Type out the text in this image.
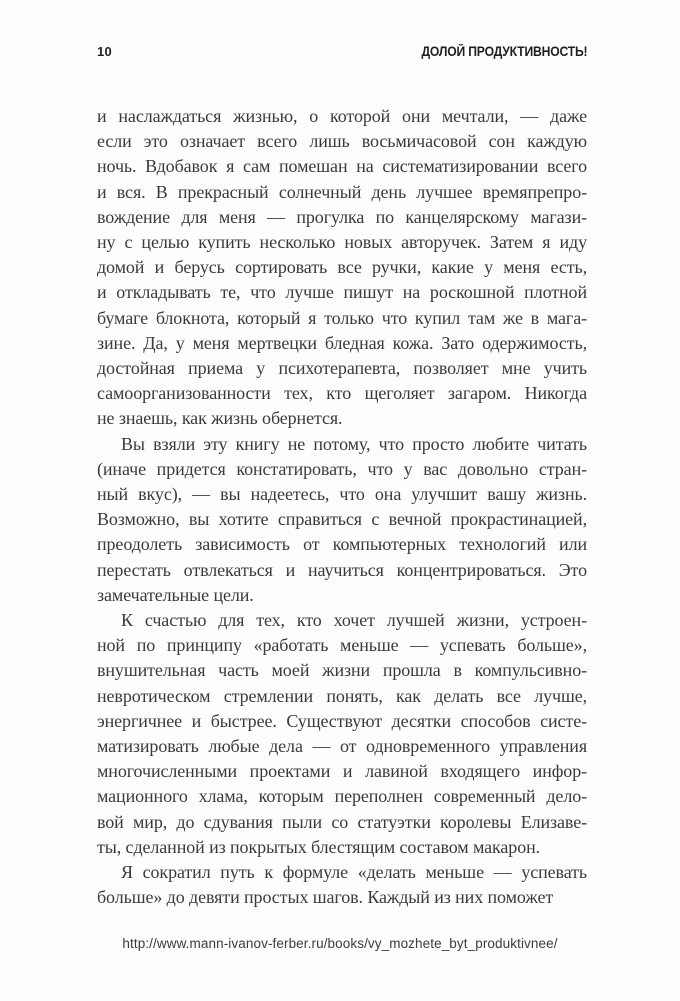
10	ДОЛОЙ ПРОДУКТИВНОСТЬ!
и наслаждаться жизнью, о которой они мечтали, — даже
если это означает всего лишь восьмичасовой сон каждую
ночь. Вдобавок я сам помешан на систематизировании всего
и вся. В прекрасный солнечный день лучшее времяпрепро-
вождение для меня — прогулка по канцелярскому магази-
ну с целью купить несколько новых авторучек. Затем я иду
домой и берусь сортировать все ручки, какие у меня есть,
и откладывать те, что лучше пишут на роскошной плотной
бумаге блокнота, который я только что купил там же в мага-
зине. Да, у меня мертвецки бледная кожа. Зато одержимость,
достойная приема у психотерапевта, позволяет мне учить
самоорганизованности тех, кто щеголяет загаром. Никогда
не знаешь, как жизнь обернется.
Вы взяли эту книгу не потому, что просто любите читать
(иначе придется констатировать, что у вас довольно стран-
ный вкус), — вы надеетесь, что она улучшит вашу жизнь.
Возможно, вы хотите справиться с вечной прокрастинацией,
преодолеть зависимость от компьютерных технологий или
перестать отвлекаться и научиться концентрироваться. Это
замечательные цели.
К счастью для тех, кто хочет лучшей жизни, устроен-
ной по принципу «работать меньше — успевать больше»,
внушительная часть моей жизни прошла в компульсивно-
невротическом стремлении понять, как делать все лучше,
энергичнее и быстрее. Существуют десятки способов систе-
матизировать любые дела — от одновременного управления
многочисленными проектами и лавиной входящего инфор-
мационного хлама, которым переполнен современный дело-
вой мир, до сдувания пыли со статуэтки королевы Елизаве-
ты, сделанной из покрытых блестящим составом макарон.
Я сократил путь к формуле «делать меньше — успевать
больше» до девяти простых шагов. Каждый из них поможет
http://www.mann-ivanov-ferber.ru/books/vy_mozhete_byt_produktivnee/
